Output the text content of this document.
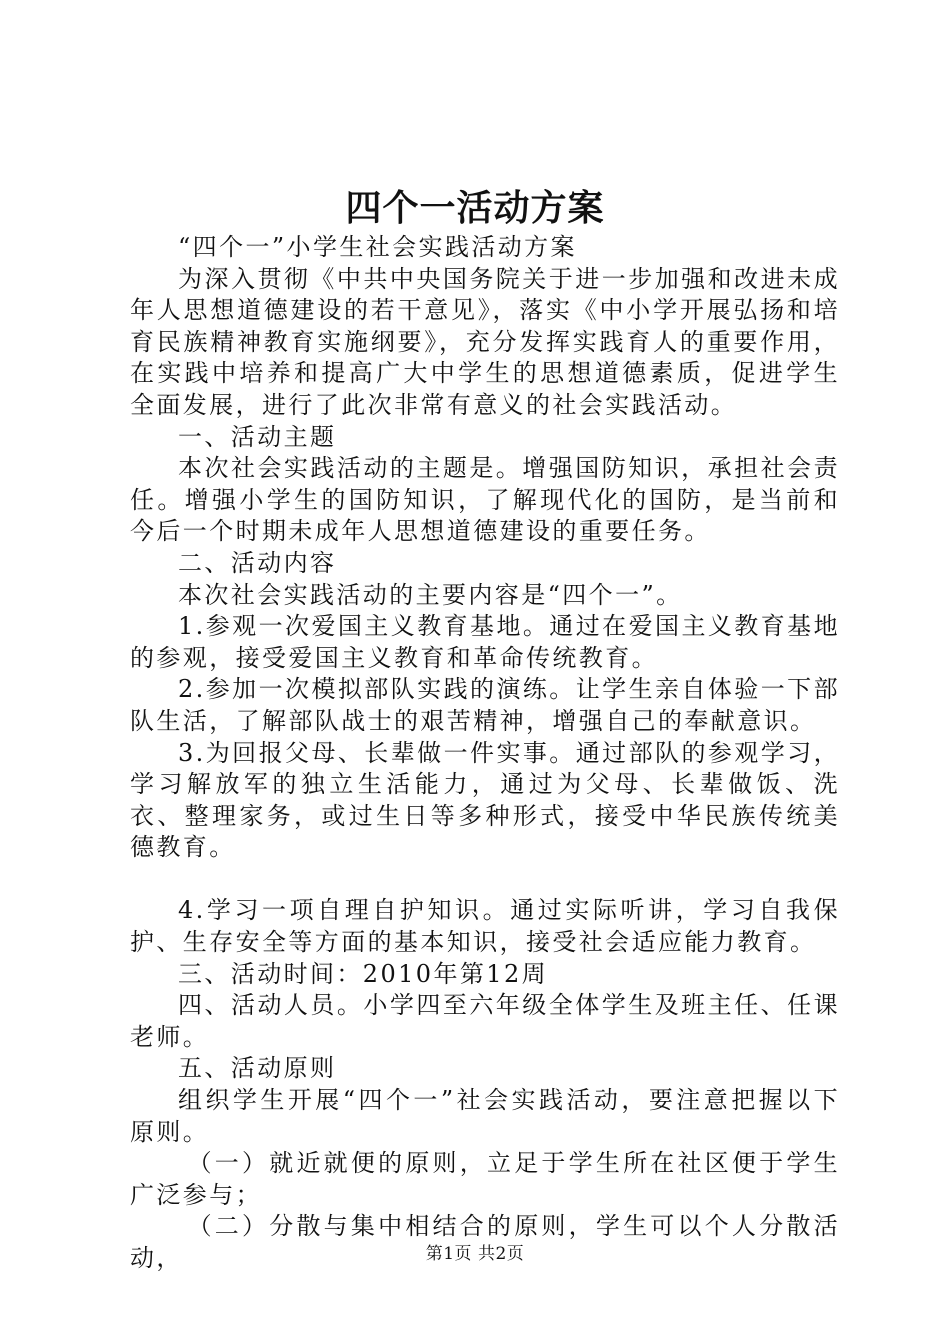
四个一活动方案

“四个一”小学生社会实践活动方案

为深入贯彻《中共中央国务院关于进一步加强和改进未成年人思想道德建设的若干意见》，落实《中小学开展弘扬和培育民族精神教育实施纲要》，充分发挥实践育人的重要作用，在实践中培养和提高广大中学生的思想道德素质，促进学生全面发展，进行了此次非常有意义的社会实践活动。

一、活动主题

本次社会实践活动的主题是。增强国防知识，承担社会责任。增强小学生的国防知识，了解现代化的国防，是当前和今后一个时期未成年人思想道德建设的重要任务。

二、活动内容

本次社会实践活动的主要内容是“四个一”。

1.参观一次爱国主义教育基地。通过在爱国主义教育基地的参观，接受爱国主义教育和革命传统教育。

2.参加一次模拟部队实践的演练。让学生亲自体验一下部队生活，了解部队战士的艰苦精神，增强自己的奉献意识。

3.为回报父母、长辈做一件实事。通过部队的参观学习，学习解放军的独立生活能力，通过为父母、长辈做饭、洗衣、整理家务，或过生日等多种形式，接受中华民族传统美德教育。

4.学习一项自理自护知识。通过实际听讲，学习自我保护、生存安全等方面的基本知识，接受社会适应能力教育。

三、活动时间：2010年第12周

四、活动人员。小学四至六年级全体学生及班主任、任课老师。

五、活动原则

组织学生开展“四个一”社会实践活动，要注意把握以下原则。

（一）就近就便的原则，立足于学生所在社区便于学生广泛参与；

（二）分散与集中相结合的原则，学生可以个人分散活动，	第1页 共2页
